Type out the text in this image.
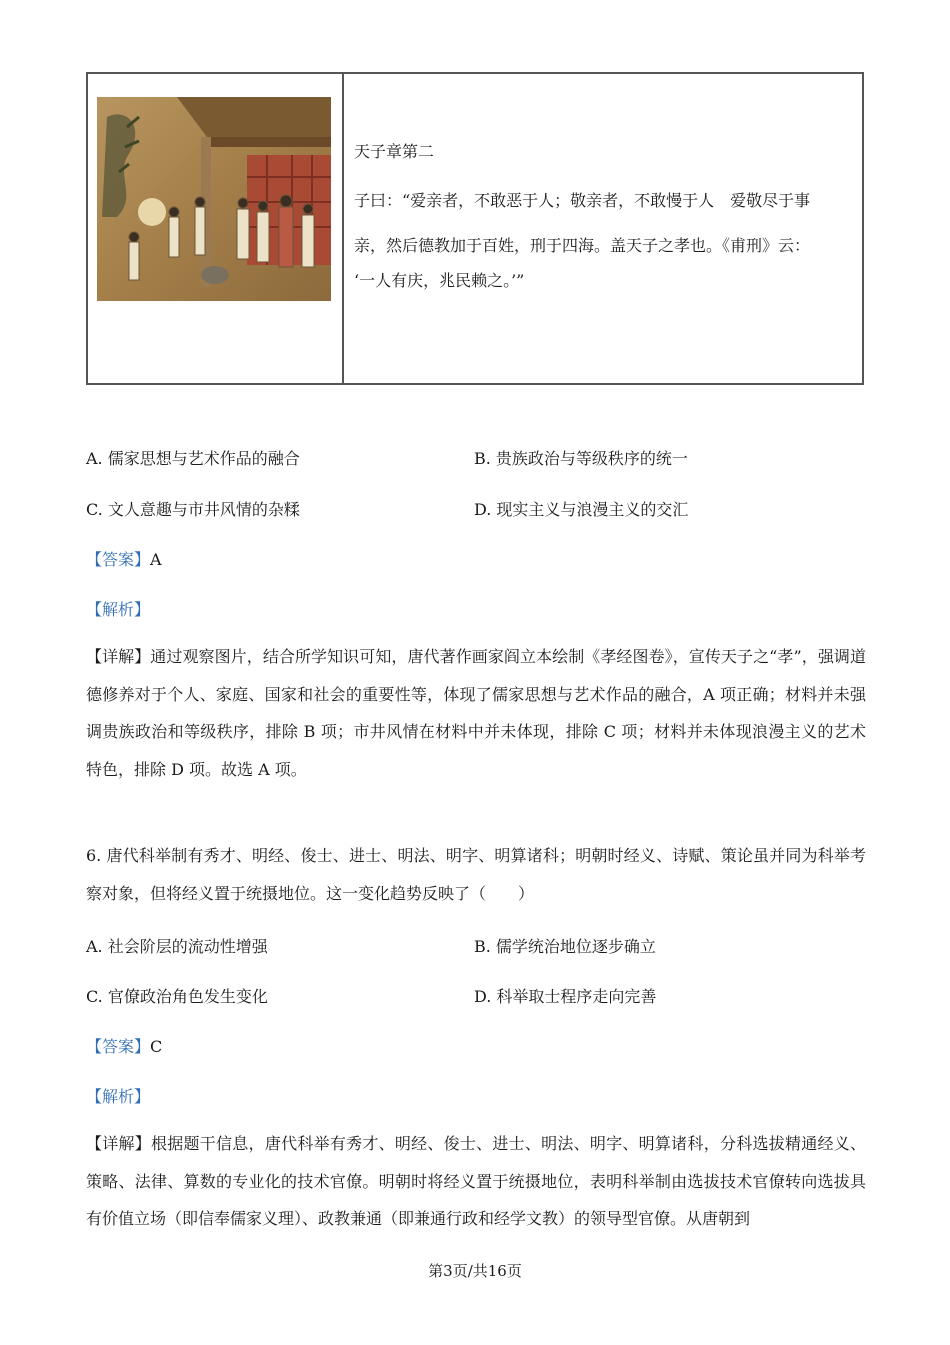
天子章第二

子曰：“爱亲者，不敢恶于人；敬亲者，不敢慢于人　爱敬尽于事

亲，然后德教加于百姓，刑于四海。盖天子之孝也。《甫刑》云：

‘一人有庆，兆民赖之。’”

A. 儒家思想与艺术作品的融合	B. 贵族政治与等级秩序的统一
C. 文人意趣与市井风情的杂糅	D. 现实主义与浪漫主义的交汇
【答案】A
【解析】
【详解】通过观察图片，结合所学知识可知，唐代著作画家阎立本绘制《孝经图卷》，宣传天子之“孝”，强调道德修养对于个人、家庭、国家和社会的重要性等，体现了儒家思想与艺术作品的融合，A 项正确；材料并未强调贵族政治和等级秩序，排除 B 项；市井风情在材料中并未体现，排除 C 项；材料并未体现浪漫主义的艺术特色，排除 D 项。故选 A 项。
6. 唐代科举制有秀才、明经、俊士、进士、明法、明字、明算诸科；明朝时经义、诗赋、策论虽并同为科举考察对象，但将经义置于统摄地位。这一变化趋势反映了（　　）
A. 社会阶层的流动性增强	B. 儒学统治地位逐步确立
C. 官僚政治角色发生变化	D. 科举取士程序走向完善
【答案】C
【解析】
【详解】根据题干信息，唐代科举有秀才、明经、俊士、进士、明法、明字、明算诸科，分科选拔精通经义、策略、法律、算数的专业化的技术官僚。明朝时将经义置于统摄地位，表明科举制由选拔技术官僚转向选拔具有价值立场（即信奉儒家义理）、政教兼通（即兼通行政和经学文教）的领导型官僚。从唐朝到
第3页/共16页
